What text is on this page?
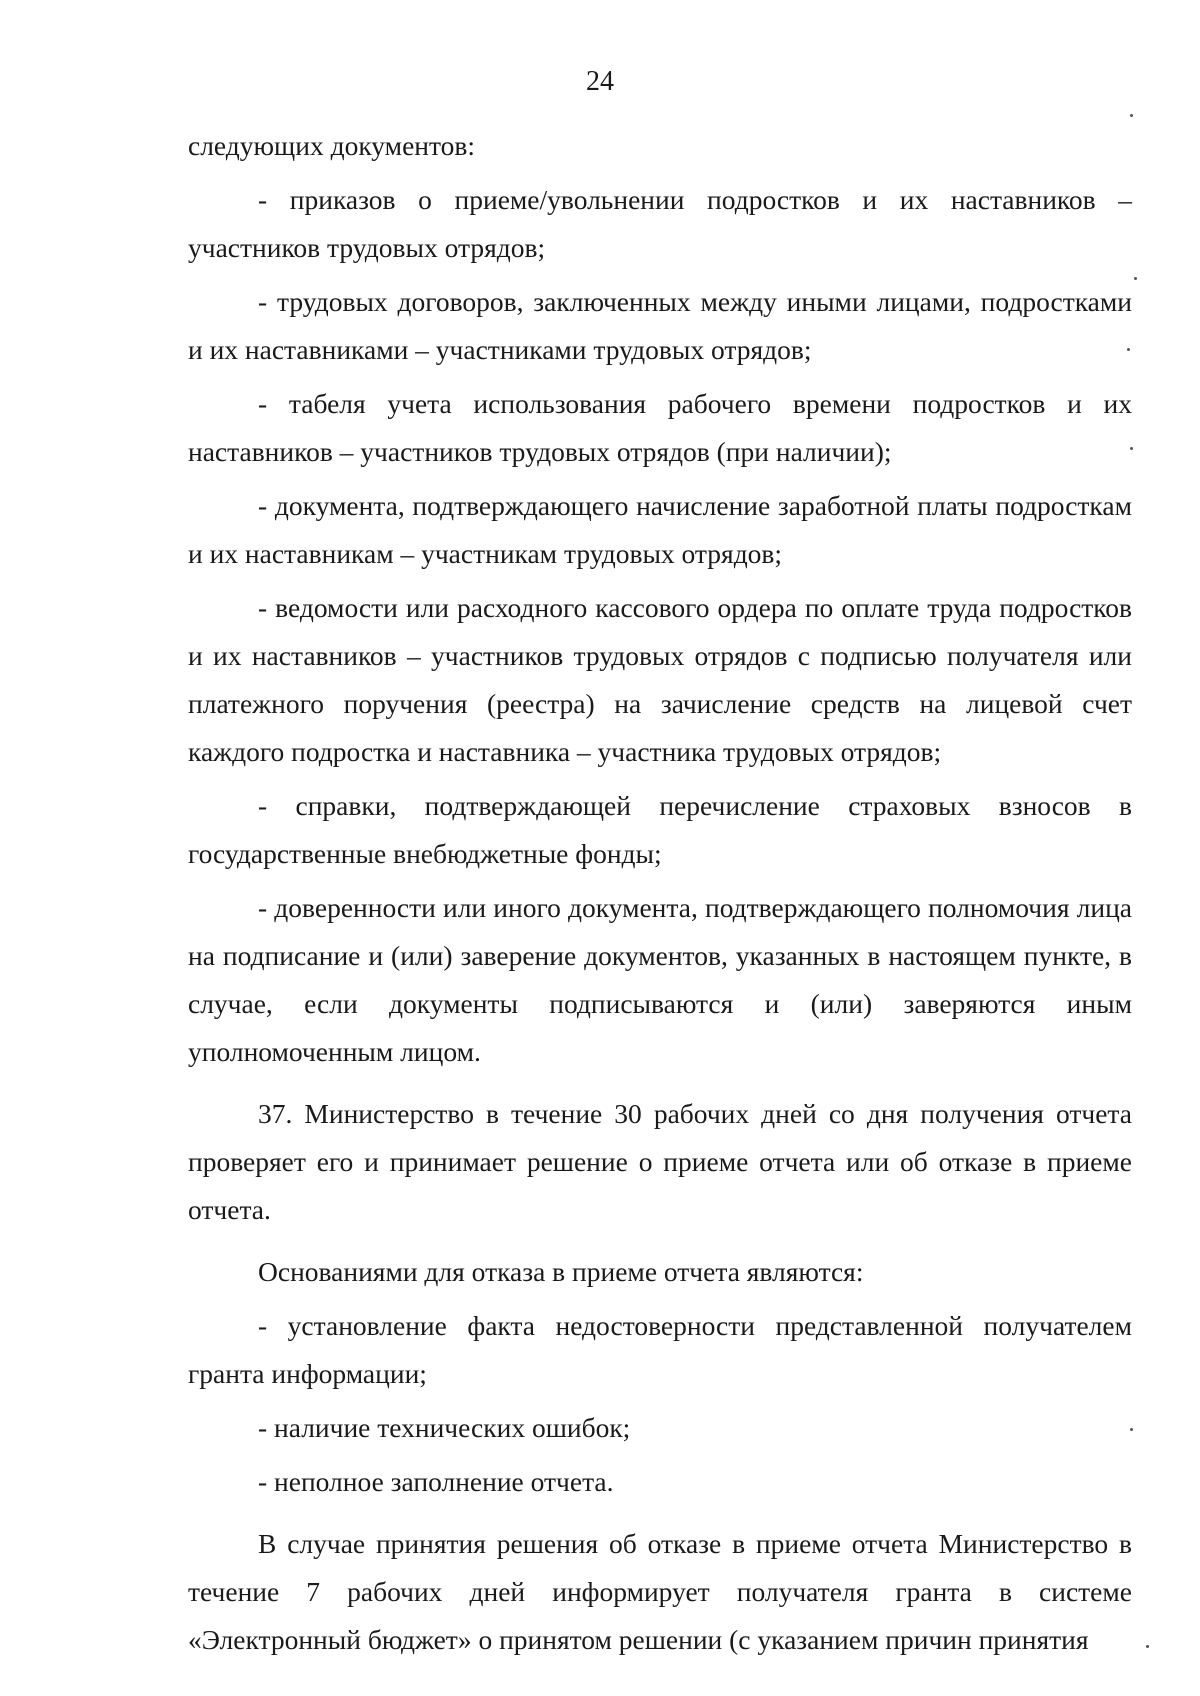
24

следующих документов:

- приказов о приеме/увольнении подростков и их наставников – участников трудовых отрядов;

- трудовых договоров, заключенных между иными лицами, подростками и их наставниками – участниками трудовых отрядов;

- табеля учета использования рабочего времени подростков и их наставников – участников трудовых отрядов (при наличии);

- документа, подтверждающего начисление заработной платы подросткам и их наставникам – участникам трудовых отрядов;

- ведомости или расходного кассового ордера по оплате труда подростков и их наставников – участников трудовых отрядов с подписью получателя или платежного поручения (реестра) на зачисление средств на лицевой счет каждого подростка и наставника – участника трудовых отрядов;

- справки, подтверждающей перечисление страховых взносов в государственные внебюджетные фонды;

- доверенности или иного документа, подтверждающего полномочия лица на подписание и (или) заверение документов, указанных в настоящем пункте, в случае, если документы подписываются и (или) заверяются иным уполномоченным лицом.

37. Министерство в течение 30 рабочих дней со дня получения отчета проверяет его и принимает решение о приеме отчета или об отказе в приеме отчета.

Основаниями для отказа в приеме отчета являются:

- установление факта недостоверности представленной получателем гранта информации;

- наличие технических ошибок;

- неполное заполнение отчета.

В случае принятия решения об отказе в приеме отчета Министерство в течение 7 рабочих дней информирует получателя гранта в системе «Электронный бюджет» о принятом решении (с указанием причин принятия
